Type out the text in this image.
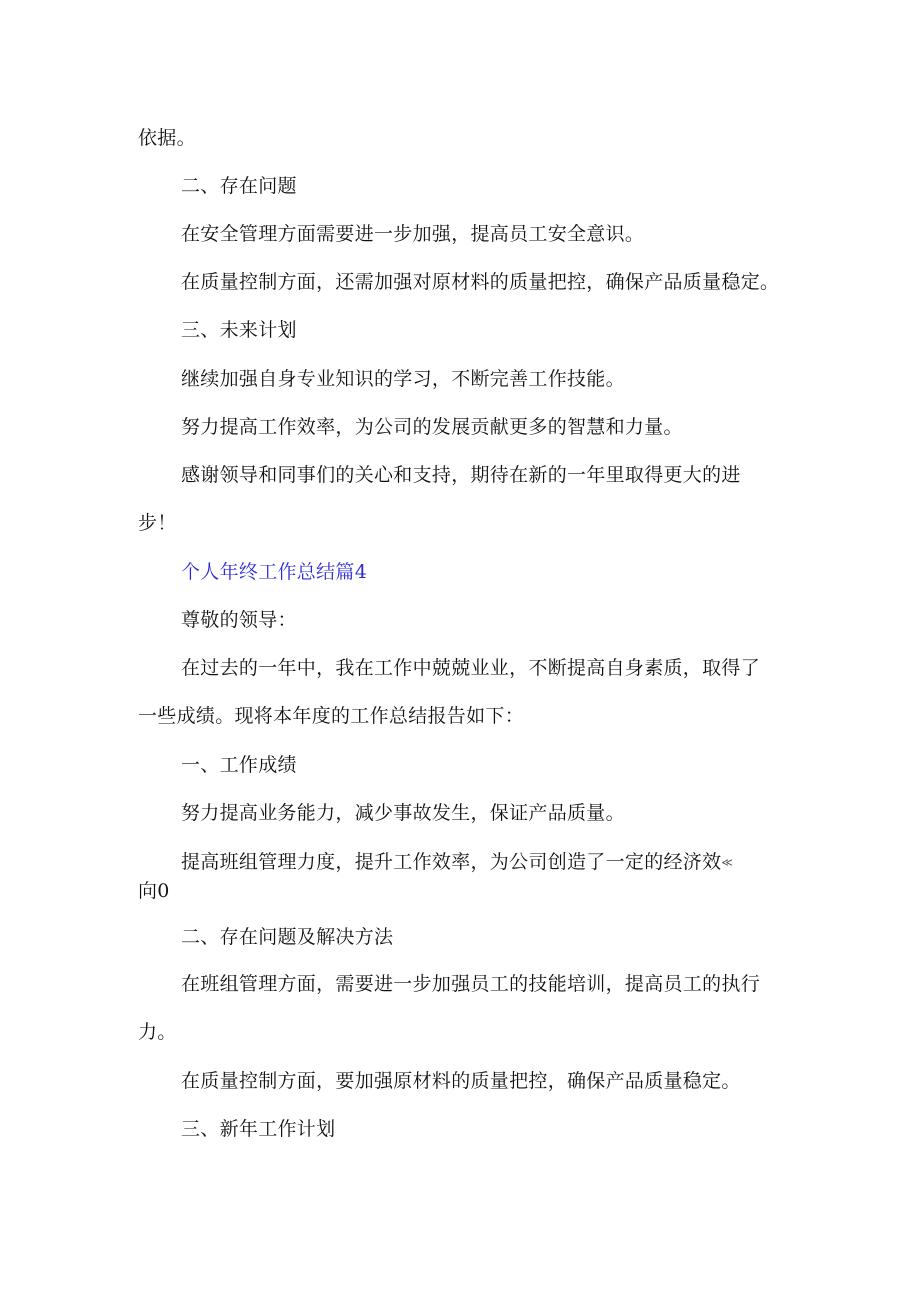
依据。
二、存在问题
在安全管理方面需要进一步加强，提高员工安全意识。
在质量控制方面，还需加强对原材料的质量把控，确保产品质量稳定。
三、未来计划
继续加强自身专业知识的学习，不断完善工作技能。
努力提高工作效率，为公司的发展贡献更多的智慧和力量。
感谢领导和同事们的关心和支持，期待在新的一年里取得更大的进
步！
个人年终工作总结篇4
尊敬的领导：
在过去的一年中，我在工作中兢兢业业，不断提高自身素质，取得了
一些成绩。现将本年度的工作总结报告如下：
一、工作成绩
努力提高业务能力，减少事故发生，保证产品质量。
提高班组管理力度，提升工作效率，为公司创造了一定的经济效≪
向0
二、存在问题及解决方法
在班组管理方面，需要进一步加强员工的技能培训，提高员工的执行
力。
在质量控制方面，要加强原材料的质量把控，确保产品质量稳定。
三、新年工作计划
